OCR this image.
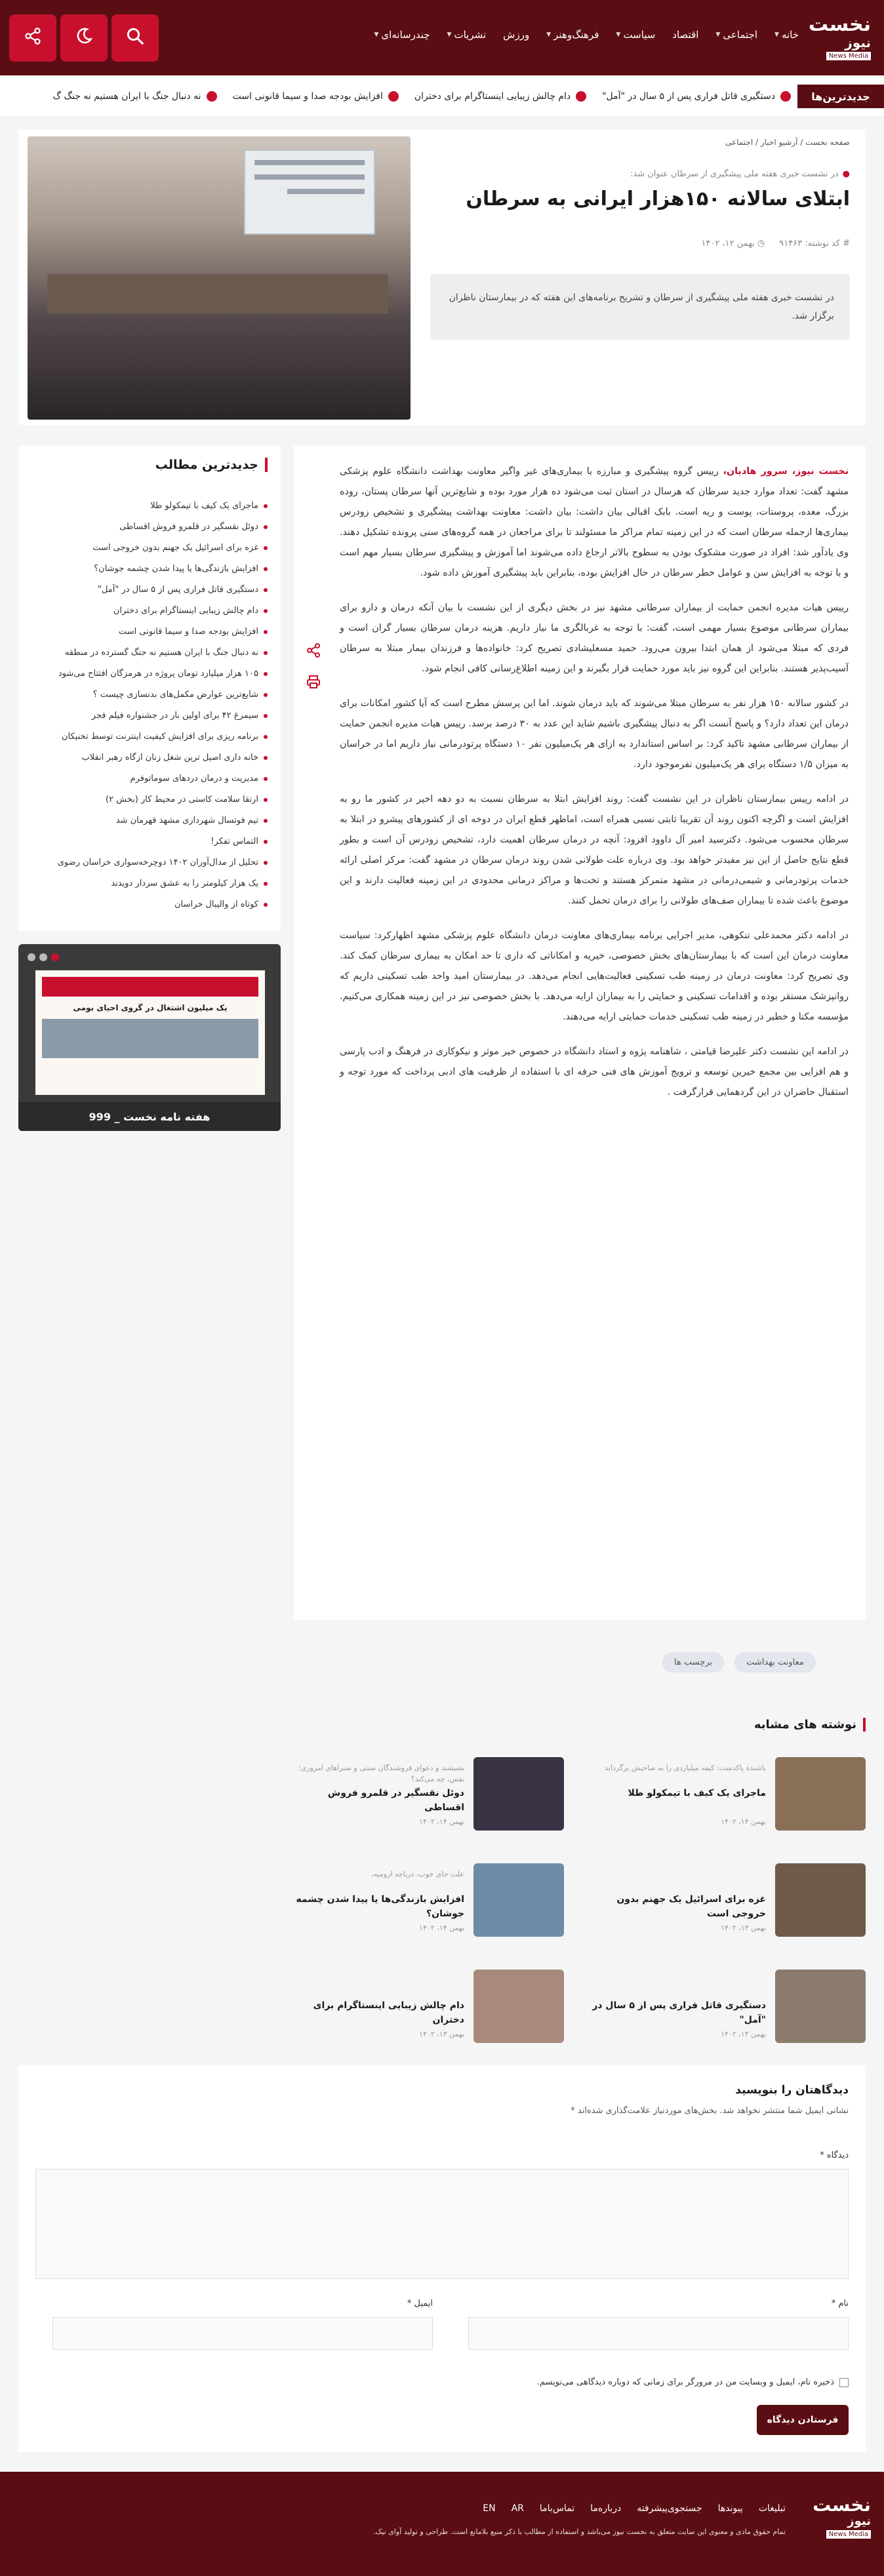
نخست
نیوز
News Media
خانه
▼
اجتماعی
▼
اقتصاد
سیاست
▼
فرهنگ‌وهنر
▼
ورزش
نشریات
▼
چندرسانه‌ای
▼
جدیدترین‌ها
دستگیری قاتل فراری پس از ۵ سال در "آمل"
دام چالش زیبایی اینستاگرام برای دختران
افزایش بودجه صدا و سیما قانونی است
نه دنبال جنگ با ایران هستیم نه جنگ گ
صفحه نخست / آرشیو اخبار / اجتماعی
●در نشست خبری هفته ملی پیشگیری از سرطان عنوان شد:
ابتلای سالانه ۱۵۰هزار ایرانی به سرطان
# کد نوشته: ۹۱۴۶۳
◷ بهمن ۱۲، ۱۴۰۲
در نشست خبری هفته ملی پیشگیری از سرطان و تشریح برنامه‌های این هفته که در بیمارستان ناظران برگزار شد.
جدیدترین مطالب
ماجرای یک کیف با تیمکولو طلا
دوئل نقسگیر در قلمرو فروش اقساطی
غزه برای اسرائیل یک جهنم بدون خروجی است
افزایش بازندگی‌ها یا پیدا شدن چشمه جوشان؟
دستگیری قاتل فراری پس از ۵ سال در "آمل"
دام چالش زیبایی اینستاگرام برای دختران
افزایش بودجه صدا و سیما قانونی است
نه دنبال جنگ با ایران هستیم نه جنگ گسترده در منطقه
۱۰۵ هزار میلیارد تومان پروژه در هرمزگان افتتاح می‌شود
شایع‌ترین عوارض مکمل‌های بدنسازی چیست ؟
سیمرغ ۴۲ برای اولین بار در جشنواره فیلم فجر
برنامه ریزی برای افزایش کیفیت اینترنت توسط تخنیکان
خانه داری اصیل ترین شغل زنان ازگاه رهبر انقلاب
مدیریت و درمان دردهای سوماتوفرم
ارتقا سلامت کاستی در محیط کار (بخش ۲)
تیم فوتسال شهرداری مشهد قهرمان شد
التماس تفکر!
تحلیل از مدال‌آوران ۱۴۰۲ دوچرخه‌سواری خراسان رضوی
یک هزار کیلومتر را به عشق سردار دویدند
کوتاه از والیبال خراسان
یک میلیون اشتغال در گروی احیای بومی
هفته نامه نخست _ 999

نخست نیوز، سرور هادیان، رییس گروه پیشگیری و مبارزه با بیماری‌های غیر واگیر معاونت بهداشت دانشگاه علوم پزشکی مشهد گفت: تعداد موارد جدید سرطان که هرسال در استان ثبت می‌شود ده هزار مورد بوده و شایع‌ترین آنها سرطان پستان، روده بزرگ، معده، پروستات، پوست و ریه است. بابک اقبالی بیان داشت: بیان داشت: معاونت بهداشت پیشگیری و تشخیص زودرس بیماری‌ها ازجمله سرطان است که در این زمینه تمام مراکز ما مسئولند تا برای مراجعان در همه گروه‌های سنی پرونده تشکیل دهند. وی یادآور شد: افراد در صورت مشکوک بودن به سطوح بالاتر ارجاع داده می‌شوند اما آموزش و پیشگیری سرطان بسیار مهم است و با توجه به افزایش سن و عوامل خطر سرطان در حال افزایش بوده، بنابراین باید پیشگیری آموزش داده شود.

رییس هیات مدیره انجمن حمایت از بیماران سرطانی مشهد نیز در بخش دیگری از این نشست با بیان آنکه درمان و دارو برای بیماران سرطانی موضوع بسیار مهمی است، گفت: با توجه به غربالگری ما نیاز داریم. هزینه درمان سرطان بسیار گران است و فردی که مبتلا می‌شود از همان ابتدا بیرون می‌رود. حمید مسعلیشادی تصریح کرد: خانواده‌ها و فرزندان بیمار مبتلا به سرطان آسیب‌پذیر هستند. بنابراین این گروه نیز باید مورد حمایت قرار بگیرند و این زمینه اطلاع‌رسانی کافی انجام شود.

در کشور سالانه ۱۵۰ هزار نفر به سرطان مبتلا می‌شوند که باید درمان شوند. اما این پرسش مطرح است که آیا کشور امکانات برای درمان این تعداد دارد؟ و پاسخ آنست اگر به دنبال پیشگیری باشیم شاید این عدد به ۳۰ درصد برسد. رییس هیات مدیره انجمن حمایت از بیماران سرطانی مشهد تاکید کرد: بر اساس استاندارد به ازای هر یک‌میلیون نفر ۱۰ دستگاه پرتودرمانی نیاز داریم اما در خراسان به میزان ۱/۵ دستگاه برای هر یک‌میلیون نفرموجود دارد.

در ادامه رییس بیمارستان ناظران در این نشست گفت: روند افزایش ابتلا به سرطان نسبت به دو دهه اخیر در کشور ما رو به افزایش است و اگرچه اکنون روند آن تقریبا ثابتی نسبی همراه است، اما‌‌‌‌‌‌‌‌‌‌ظهر قطع ایران در دوخه ای از کشورهای پیشرو در ابتلا به سرطان محسوب می‌شود. دکترسید امیر آل داوود افزود: آنچه در درمان سرطان اهمیت دارد، تشخیص زودرس آن است و بطور قطع نتایج حاصل از این نیز مفیدتر خواهد بود. وی درباره علت طولانی شدن روند درمان سرطان در مشهد گفت: مرکز اصلی ارائه خدمات پرتودرمانی و شیمی‌درمانی در مشهد متمرکز هستند و تخت‌ها و مراکز درمانی محدودی در این زمینه فعالیت دارند و این موضوع باعث شده تا بیماران صف‌های طولانی را برای درمان تحمل کنند.

در ادامه دکتر محمدعلی تنکوهی، مدیر اجرایی برنامه بیماری‌های معاونت درمان دانشگاه علوم پزشکی مشهد اظهارکرد: سیاست معاونت درمان این است که با بیمارستان‌های بخش خصوصی، خیریه و امکاناتی که داری تا حد امکان به بیماری سرطان کمک کند. وی تصریح کرد: معاونت درمان در زمینه طب تسکینی فعالیت‌هایی انجام می‌دهد. در بیمارستان امید واحد طب تسکینی داریم که روانپزشک مستقر بوده و اقدامات تسکینی و حمایتی را به بیماران ارایه می‌دهد. با بخش خصوصی نیز در این زمینه همکاری می‌کنیم. مؤسسه مکنا و خطیر در زمینه طب تسکینی خدمات حمایتی ارایه می‌دهند.

در ادامه این نشست دکتر علیرضا قیامتی ، شاهنامه پژوه و استاد دانشگاه در خصوص خیر موثر و نیکوکاری در فرهنگ و ادب پارسی و هم افزایی بین مجمع خیرین توسعه و ترویج آموزش های فنی حرفه ای با استفاده از ظرفیت های ادبی پرداخت که مورد توجه و استقبال حاضران در این گردهمایی قرارگرفت .

برچسب ها	معاونت بهداشت
نوشته های مشابه
باشنده پاکدست: کیفه میلیاردی را به صاحبش برگرداند
ماجرای یک کیف با تیمکولو طلا
بهمن ۱۴، ۱۴۰۲
بشیشند و دعوای فروشندگان سنتی و سنراهای امروزی؛ نفس، چه می‌کند؟
دوئل نقسگیر در قلمرو فروش اقساطی
بهمن ۱۴، ۱۴۰۲
غزه برای اسرائیل یک جهنم بدون خروجی است
بهمن ۱۳، ۱۴۰۲
علت جای خوب، دریاچه ارومیه،
افزایش بازندگی‌ها یا پیدا شدن چشمه جوشان؟
بهمن ۱۴، ۱۴۰۲
دستگیری قاتل فراری پس از ۵ سال در "آمل"
بهمن ۱۳، ۱۴۰۲
دام چالش زیبایی اینستاگرام برای دختران
بهمن ۱۳، ۱۴۰۲
دیدگاهتان را بنویسید
نشانی ایمیل شما منتشر نخواهد شد. بخش‌های موردنیاز علامت‌گذاری شده‌اند *
دیدگاه *
نام *
ایمیل *
ذخیره نام، ایمیل و وبسایت من در مرورگر برای زمانی که دوباره دیدگاهی می‌نویسم.
فرستادن دیدگاه
نخست
نیوز
News Media
تبلیغات
پیوندها
جستجوی‌پیشرفته
درباره‌ما
تماس‌با‌ما
AR
EN
تمام حقوق مادی و معنوی این سایت متعلق به نخست نیوز می‌باشد و استفاده از مطالب با ذکر منبع بلامانع است. طراحی و تولید آوای نیک.
